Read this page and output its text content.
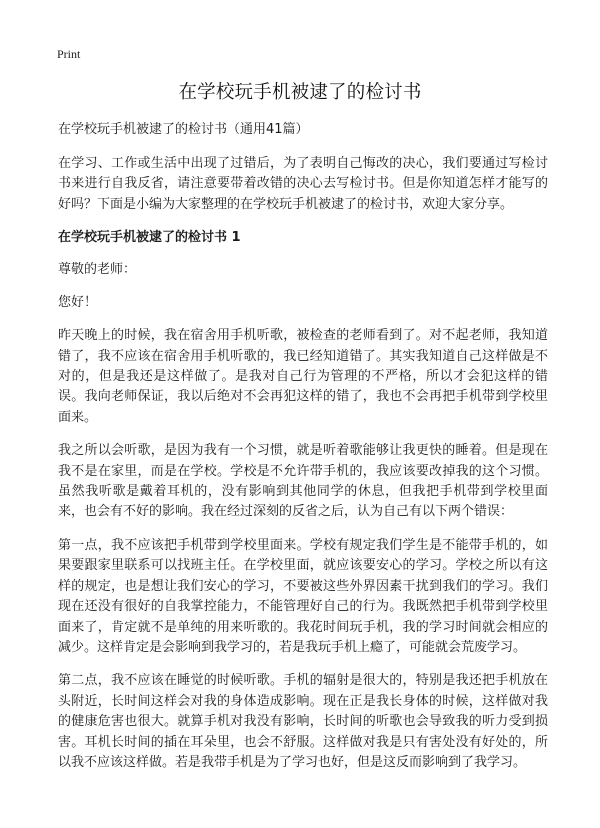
Print
在学校玩手机被逮了的检讨书

在学校玩手机被逮了的检讨书（通用41篇）

在学习、工作或生活中出现了过错后，为了表明自己悔改的决心，我们要通过写检讨书来进行自我反省，请注意要带着改错的决心去写检讨书。但是你知道怎样才能写的好吗？下面是小编为大家整理的在学校玩手机被逮了的检讨书，欢迎大家分享。

在学校玩手机被逮了的检讨书 1

尊敬的老师：

您好！

昨天晚上的时候，我在宿舍用手机听歌，被检查的老师看到了。对不起老师，我知道错了，我不应该在宿舍用手机听歌的，我已经知道错了。其实我知道自己这样做是不对的，但是我还是这样做了。是我对自己行为管理的不严格，所以才会犯这样的错误。我向老师保证，我以后绝对不会再犯这样的错了，我也不会再把手机带到学校里面来。

我之所以会听歌，是因为我有一个习惯，就是听着歌能够让我更快的睡着。但是现在我不是在家里，而是在学校。学校是不允许带手机的，我应该要改掉我的这个习惯。虽然我听歌是戴着耳机的，没有影响到其他同学的休息，但我把手机带到学校里面来，也会有不好的影响。我在经过深刻的反省之后，认为自己有以下两个错误：

第一点，我不应该把手机带到学校里面来。学校有规定我们学生是不能带手机的，如果要跟家里联系可以找班主任。在学校里面，就应该要安心的学习。学校之所以有这样的规定，也是想让我们安心的学习，不要被这些外界因素干扰到我们的学习。我们现在还没有很好的自我掌控能力，不能管理好自己的行为。我既然把手机带到学校里面来了，肯定就不是单纯的用来听歌的。我花时间玩手机，我的学习时间就会相应的减少。这样肯定是会影响到我学习的，若是我玩手机上瘾了，可能就会荒废学习。

第二点，我不应该在睡觉的时候听歌。手机的辐射是很大的，特别是我还把手机放在头附近，长时间这样会对我的身体造成影响。现在正是我长身体的时候，这样做对我的健康危害也很大。就算手机对我没有影响，长时间的听歌也会导致我的听力受到损害。耳机长时间的插在耳朵里，也会不舒服。这样做对我是只有害处没有好处的，所以我不应该这样做。若是我带手机是为了学习也好，但是这反而影响到了我学习。
